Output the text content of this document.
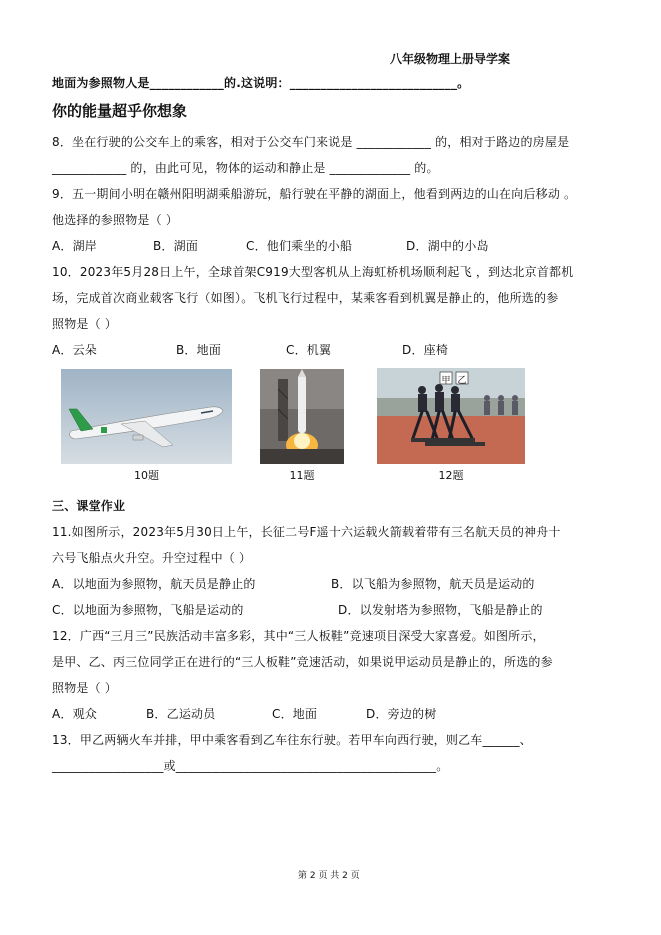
八年级物理上册导学案
地面为参照物人是____________的.这说明：___________________________。
你的能量超乎你想象
8．坐在行驶的公交车上的乘客，相对于公交车门来说是 ____________ 的，相对于路边的房屋是
____________ 的，由此可见，物体的运动和静止是 _____________ 的。
9．五一期间小明在赣州阳明湖乘船游玩，船行驶在平静的湖面上，他看到两边的山在向后移动 。
他选择的参照物是（ ）
A．湖岸	B．湖面	C．他们乘坐的小船	D．湖中的小岛
10．2023年5月28日上午，全球首架C919大型客机从上海虹桥机场顺利起飞 ，到达北京首都机
场，完成首次商业载客飞行（如图）。飞机飞行过程中，某乘客看到机翼是静止的，他所选的参
照物是（ ）
A．云朵	B．地面	C．机翼	D．座椅
10题	11题
甲 乙
12题
三、课堂作业
11.如图所示，2023年5月30日上午，长征二号F遥十六运载火箭载着带有三名航天员的神舟十
六号飞船点火升空。升空过程中（ ）
A．以地面为参照物，航天员是静止的	B．以飞船为参照物，航天员是运动的
C．以地面为参照物，飞船是运动的	D．以发射塔为参照物，飞船是静止的
12．广西“三月三”民族活动丰富多彩，其中“三人板鞋”竞速项目深受大家喜爱。如图所示，
是甲、乙、丙三位同学正在进行的“三人板鞋”竞速活动，如果说甲运动员是静止的，所选的参
照物是（ ）
A．观众	B．乙运动员	C．地面	D．旁边的树
13．甲乙两辆火车并排，甲中乘客看到乙车往东行驶。若甲车向西行驶，则乙车______、
__________________或__________________________________________。
第 2 页 共 2 页
